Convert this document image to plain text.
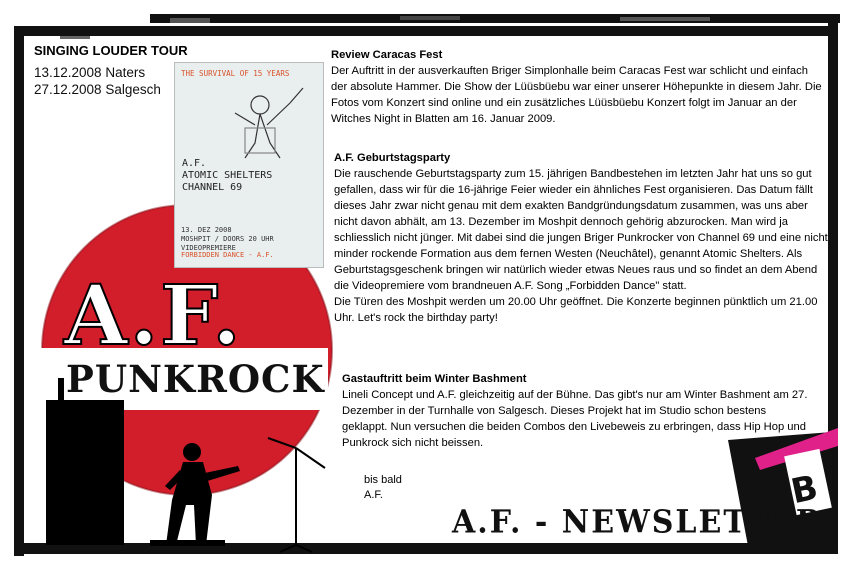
B
SINGING LOUDER TOUR
13.12.2008 Naters
27.12.2008 Salgesch
THE SURVIVAL OF 15 YEARS
A.F.
ATOMIC SHELTERS
CHANNEL 69
13. DEZ 2008
MOSHPIT / DOORS 20 UHR
VIDEOPREMIERE
FORBIDDEN DANCE - A.F.
A.F.
PUNKROCK
Review Caracas Fest

Der Auftritt in der ausverkauften Briger Simplonhalle beim Caracas Fest war schlicht und einfach der absolute Hammer. Die Show der Lüüsbüebu war einer unserer Höhepunkte in diesem Jahr. Die Fotos vom Konzert sind online und ein zusätzliches Lüüsbüebu Konzert folgt im Januar an der Witches Night in Blatten am 16. Januar 2009.

A.F. Geburtstagsparty

Die rauschende Geburtstagsparty zum 15. jährigen Bandbestehen im letzten Jahr hat uns so gut gefallen, dass wir für die 16-jährige Feier wieder ein ähnliches Fest organisieren. Das Datum fällt dieses Jahr zwar nicht genau mit dem exakten Bandgründungsdatum zusammen, was uns aber nicht davon abhält, am 13. Dezember im Moshpit dennoch gehörig abzurocken. Man wird ja schliesslich nicht jünger. Mit dabei sind die jungen Briger Punkrocker von Channel 69 und eine nicht minder rockende Formation aus dem fernen Westen (Neuchâtel), genannt Atomic Shelters. Als Geburtstagsgeschenk bringen wir natürlich wieder etwas Neues raus und so findet an dem Abend die Videopremiere vom brandneuen A.F. Song „Forbidden Dance" statt.

Die Türen des Moshpit werden um 20.00 Uhr geöffnet. Die Konzerte beginnen pünktlich um 21.00 Uhr. Let's rock the birthday party!

Gastauftritt beim Winter Bashment

Lineli Concept und A.F. gleichzeitig auf der Bühne. Das gibt's nur am Winter Bashment am 27. Dezember in der Turnhalle von Salgesch. Dieses Projekt hat im Studio schon bestens geklappt. Nun versuchen die beiden Combos den Livebeweis zu erbringen, dass Hip Hop und Punkrock sich nicht beissen.

bis bald
A.F.
A.F. - NEWSLETTER
